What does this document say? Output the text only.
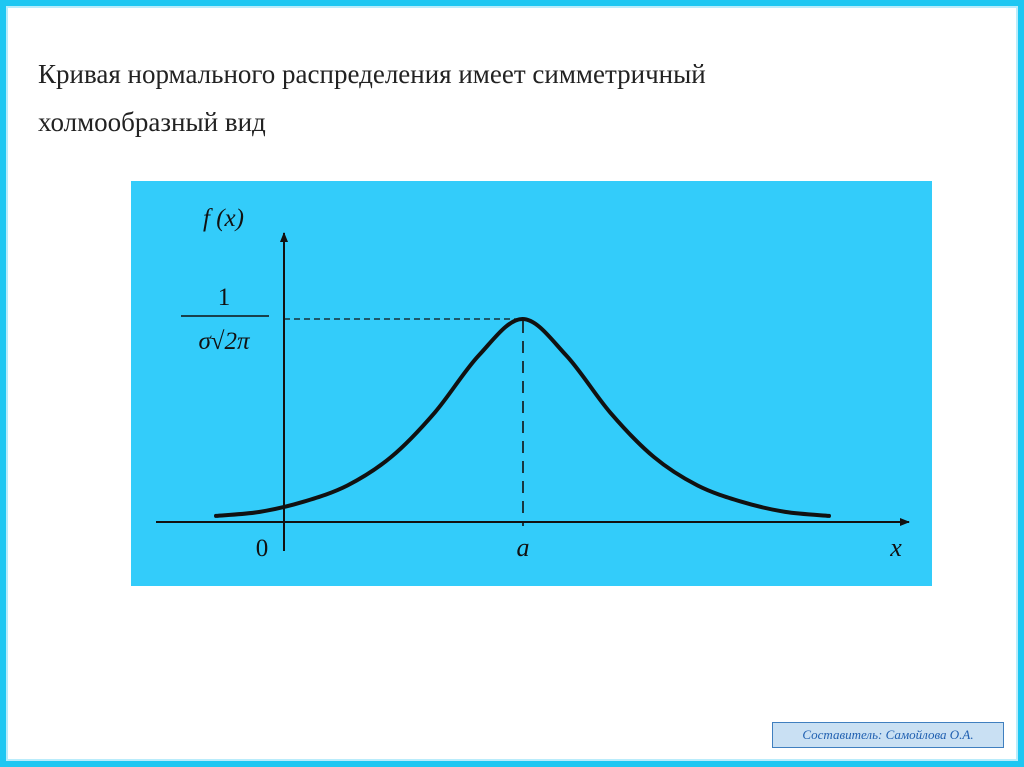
Кривая нормального распределения имеет симметричный
холмообразный вид
f (x)
1
σ√2π
0	a	x
Составитель: Самойлова О.А.
